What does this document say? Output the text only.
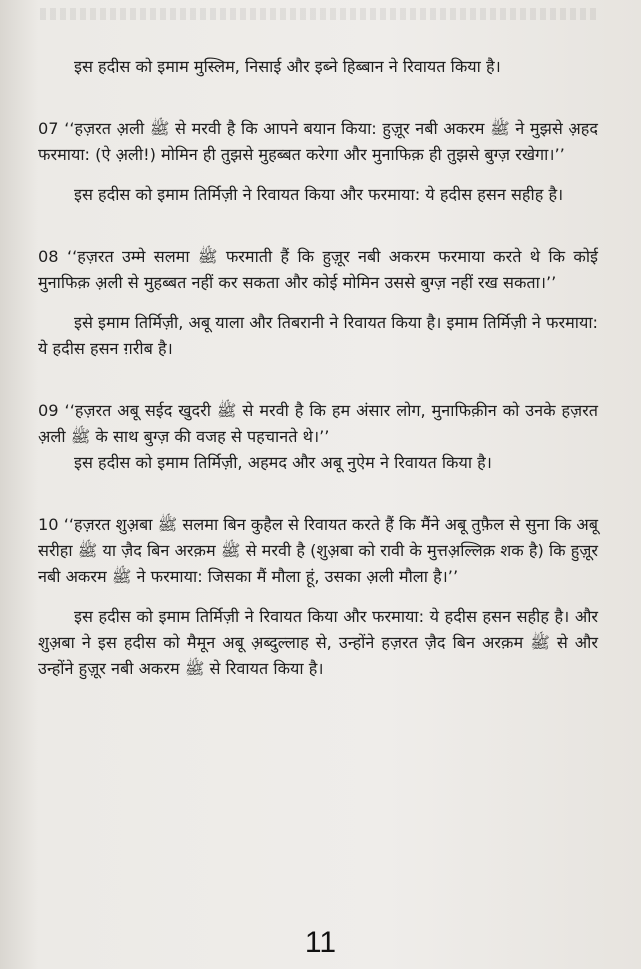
इस हदीस को इमाम मुस्लिम, निसाई और इब्ने हिब्बान ने रिवायत किया है।

07 ‘‘हज़रत अ़ली ﷺ से मरवी है कि आपने बयान किया: हुज़ूर नबी अकरम ﷺ ने मुझसे अ़हद फरमाया: (ऐ अ़ली!) मोमिन ही तुझसे मुहब्बत करेगा और मुनाफिक़ ही तुझसे बुग्ज़ रखेगा।’’

इस हदीस को इमाम तिर्मिज़ी ने रिवायत किया और फरमाया: ये हदीस हसन सहीह है।

08 ‘‘हज़रत उम्मे सलमा ﷺ फरमाती हैं कि हुज़ूर नबी अकरम फरमाया करते थे कि कोई मुनाफिक़ अ़ली से मुहब्बत नहीं कर सकता और कोई मोमिन उससे बुग्ज़ नहीं रख सकता।’’

इसे इमाम तिर्मिज़ी, अबू याला और तिबरानी ने रिवायत किया है। इमाम तिर्मिज़ी ने फरमाया: ये हदीस हसन ग़रीब है।

09 ‘‘हज़रत अबू सईद खुदरी ﷺ से मरवी है कि हम अंसार लोग, मुनाफिक़ीन को उनके हज़रत अ़ली ﷺ के साथ बुग्ज़ की वजह से पहचानते थे।’’

इस हदीस को इमाम तिर्मिज़ी, अहमद और अबू नुऐम ने रिवायत किया है।

10 ‘‘हज़रत शुअ़बा ﷺ सलमा बिन कुहैल से रिवायत करते हैं कि मैंने अबू तुफ़ैल से सुना कि अबू सरीहा ﷺ या ज़ैद बिन अरक़म ﷺ से मरवी है (शुअ़बा को रावी के मुत्तअ़ल्लिक़ शक है) कि हुज़ूर नबी अकरम ﷺ ने फरमाया: जिसका मैं मौला हूं, उसका अ़ली मौला है।’’

इस हदीस को इमाम तिर्मिज़ी ने रिवायत किया और फरमाया: ये हदीस हसन सहीह है। और शुअ़बा ने इस हदीस को मैमून अबू अ़ब्दुल्लाह से, उन्होंने हज़रत ज़ैद बिन अरक़म ﷺ से और उन्होंने हुज़ूर नबी अकरम ﷺ से रिवायत किया है।

11
